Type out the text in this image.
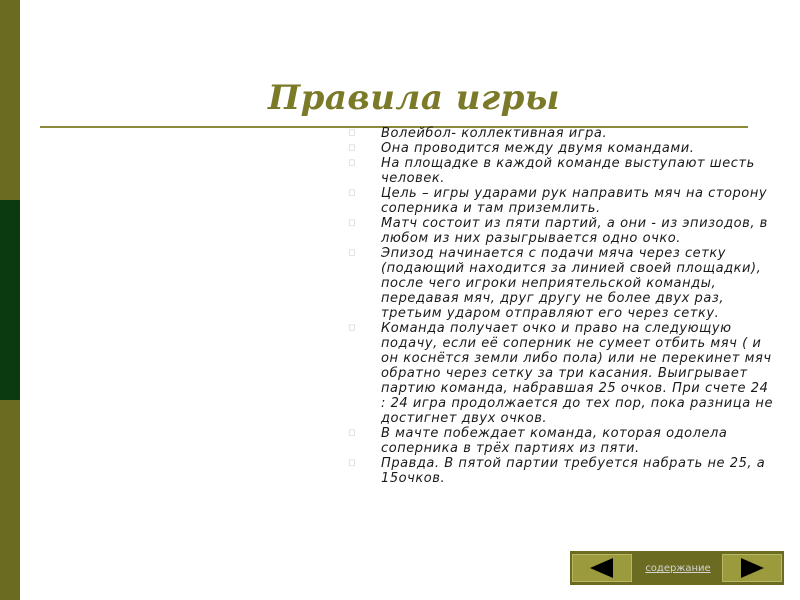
Правила игры
◻ Волейбол- коллективная игра.
◻ Она проводится между двумя командами.
◻ На площадке в каждой команде выступают шесть человек.
◻ Цель – игры ударами рук направить мяч на сторону соперника и там приземлить.
◻ Матч состоит из пяти партий, а они - из эпизодов, в любом из них разыгрывается одно очко.
◻ Эпизод начинается с подачи мяча через сетку (подающий находится за линией своей площадки), после чего игроки неприятельской команды, передавая мяч, друг другу не более двух раз, третьим ударом отправляют его через сетку.
◻ Команда получает очко и право на следующую подачу, если её соперник не сумеет отбить мяч ( и он коснётся земли либо пола) или не перекинет мяч обратно через сетку за три касания. Выигрывает партию команда, набравшая 25 очков. При счете 24 : 24 игра продолжается до тех пор, пока разница не достигнет двух очков.
◻ В мачте побеждает команда, которая одолела соперника в трёх партиях из пяти.
◻ Правда. В пятой партии требуется набрать не 25, а 15очков.
содержание
